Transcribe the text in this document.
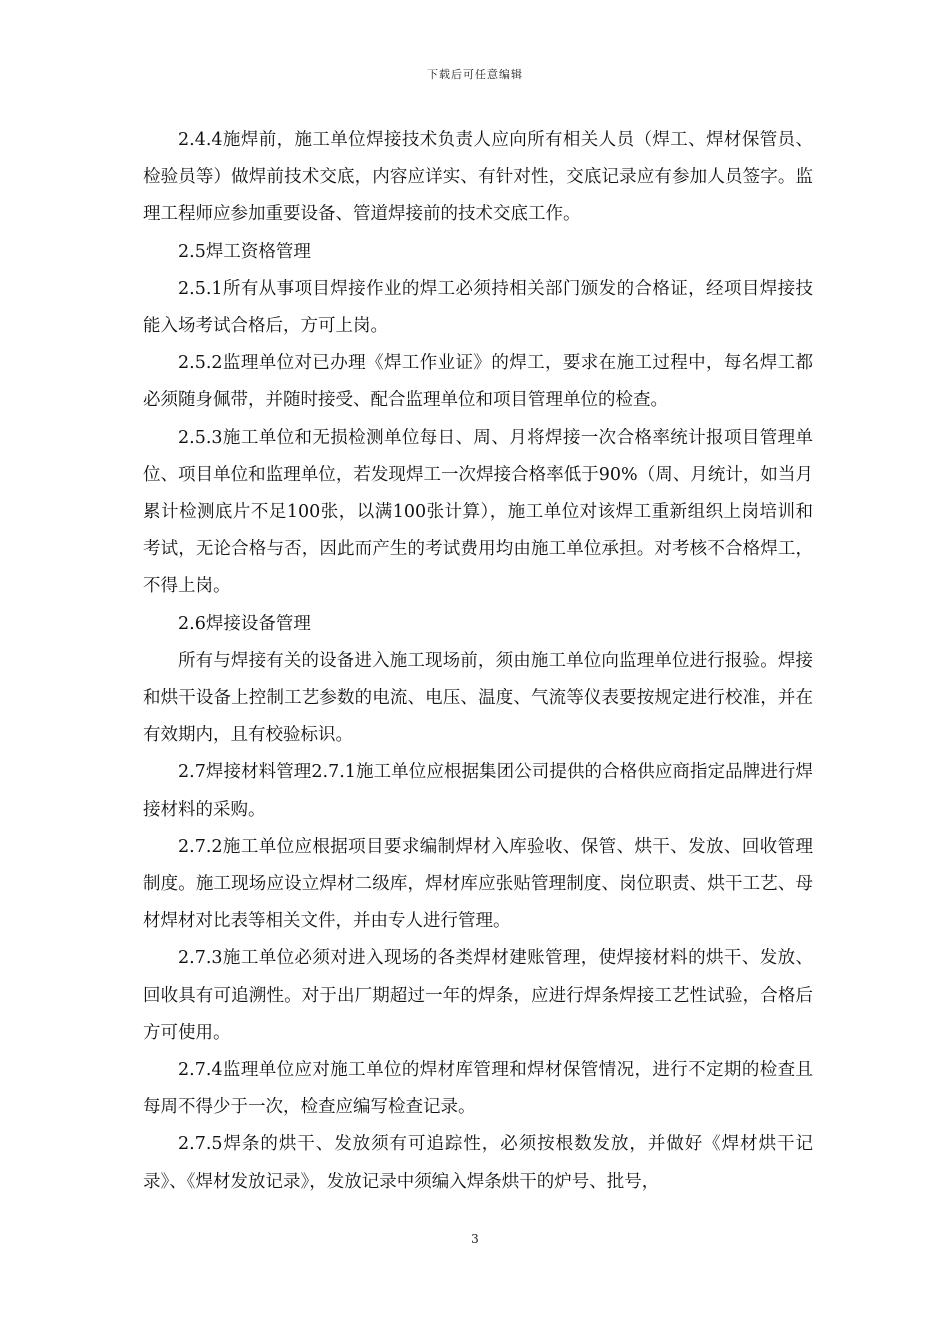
下载后可任意编辑

2.4.4施焊前，施工单位焊接技术负责人应向所有相关人员（焊工、焊材保管员、检验员等）做焊前技术交底，内容应详实、有针对性，交底记录应有参加人员签字。监理工程师应参加重要设备、管道焊接前的技术交底工作。

2.5焊工资格管理

2.5.1所有从事项目焊接作业的焊工必须持相关部门颁发的合格证，经项目焊接技能入场考试合格后，方可上岗。

2.5.2监理单位对已办理《焊工作业证》的焊工，要求在施工过程中，每名焊工都必须随身佩带，并随时接受、配合监理单位和项目管理单位的检查。

2.5.3施工单位和无损检测单位每日、周、月将焊接一次合格率统计报项目管理单位、项目单位和监理单位，若发现焊工一次焊接合格率低于90%（周、月统计，如当月累计检测底片不足100张，以满100张计算），施工单位对该焊工重新组织上岗培训和考试，无论合格与否，因此而产生的考试费用均由施工单位承担。对考核不合格焊工，不得上岗。

2.6焊接设备管理

所有与焊接有关的设备进入施工现场前，须由施工单位向监理单位进行报验。焊接和烘干设备上控制工艺参数的电流、电压、温度、气流等仪表要按规定进行校准，并在有效期内，且有校验标识。

2.7焊接材料管理2.7.1施工单位应根据集团公司提供的合格供应商指定品牌进行焊接材料的采购。

2.7.2施工单位应根据项目要求编制焊材入库验收、保管、烘干、发放、回收管理制度。施工现场应设立焊材二级库，焊材库应张贴管理制度、岗位职责、烘干工艺、母材焊材对比表等相关文件，并由专人进行管理。

2.7.3施工单位必须对进入现场的各类焊材建账管理，使焊接材料的烘干、发放、回收具有可追溯性。对于出厂期超过一年的焊条，应进行焊条焊接工艺性试验，合格后方可使用。

2.7.4监理单位应对施工单位的焊材库管理和焊材保管情况，进行不定期的检查且每周不得少于一次，检查应编写检查记录。

2.7.5焊条的烘干、发放须有可追踪性，必须按根数发放，并做好《焊材烘干记录》、《焊材发放记录》，发放记录中须编入焊条烘干的炉号、批号，

3
